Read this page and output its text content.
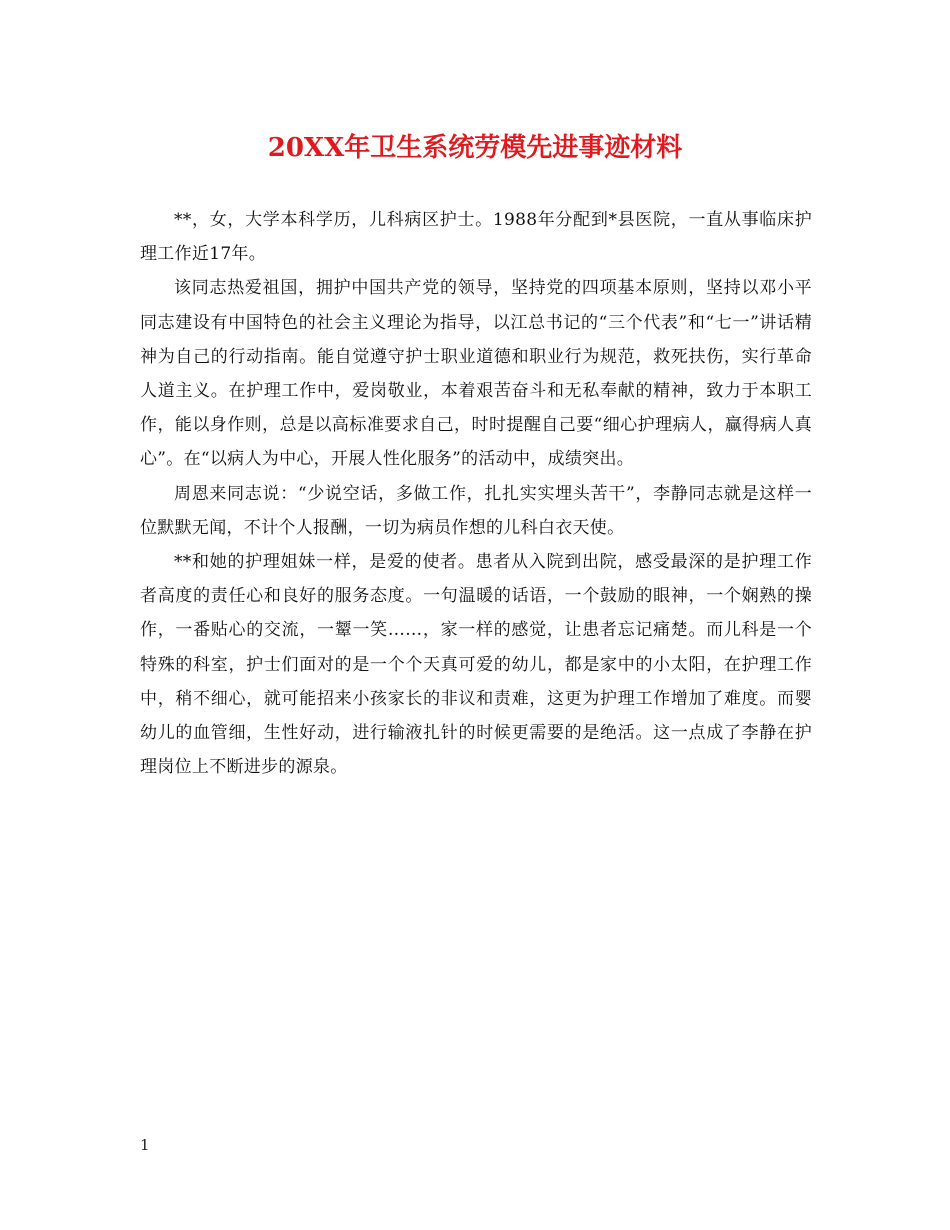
20XX年卫生系统劳模先进事迹材料

**，女，大学本科学历，儿科病区护士。1988年分配到*县医院，一直从事临床护理工作近17年。

该同志热爱祖国，拥护中国共产党的领导，坚持党的四项基本原则，坚持以邓小平同志建设有中国特色的社会主义理论为指导，以江总书记的“三个代表”和“七一”讲话精神为自己的行动指南。能自觉遵守护士职业道德和职业行为规范，救死扶伤，实行革命人道主义。在护理工作中，爱岗敬业，本着艰苦奋斗和无私奉献的精神，致力于本职工作，能以身作则，总是以高标准要求自己，时时提醒自己要“细心护理病人，赢得病人真心”。在“以病人为中心，开展人性化服务”的活动中，成绩突出。

周恩来同志说：“少说空话，多做工作，扎扎实实埋头苦干”，李静同志就是这样一位默默无闻，不计个人报酬，一切为病员作想的儿科白衣天使。

**和她的护理姐妹一样，是爱的使者。患者从入院到出院，感受最深的是护理工作者高度的责任心和良好的服务态度。一句温暖的话语，一个鼓励的眼神，一个娴熟的操作，一番贴心的交流，一颦一笑……，家一样的感觉，让患者忘记痛楚。而儿科是一个特殊的科室，护士们面对的是一个个天真可爱的幼儿，都是家中的小太阳，在护理工作中，稍不细心，就可能招来小孩家长的非议和责难，这更为护理工作增加了难度。而婴幼儿的血管细，生性好动，进行输液扎针的时候更需要的是绝活。这一点成了李静在护理岗位上不断进步的源泉。

1
